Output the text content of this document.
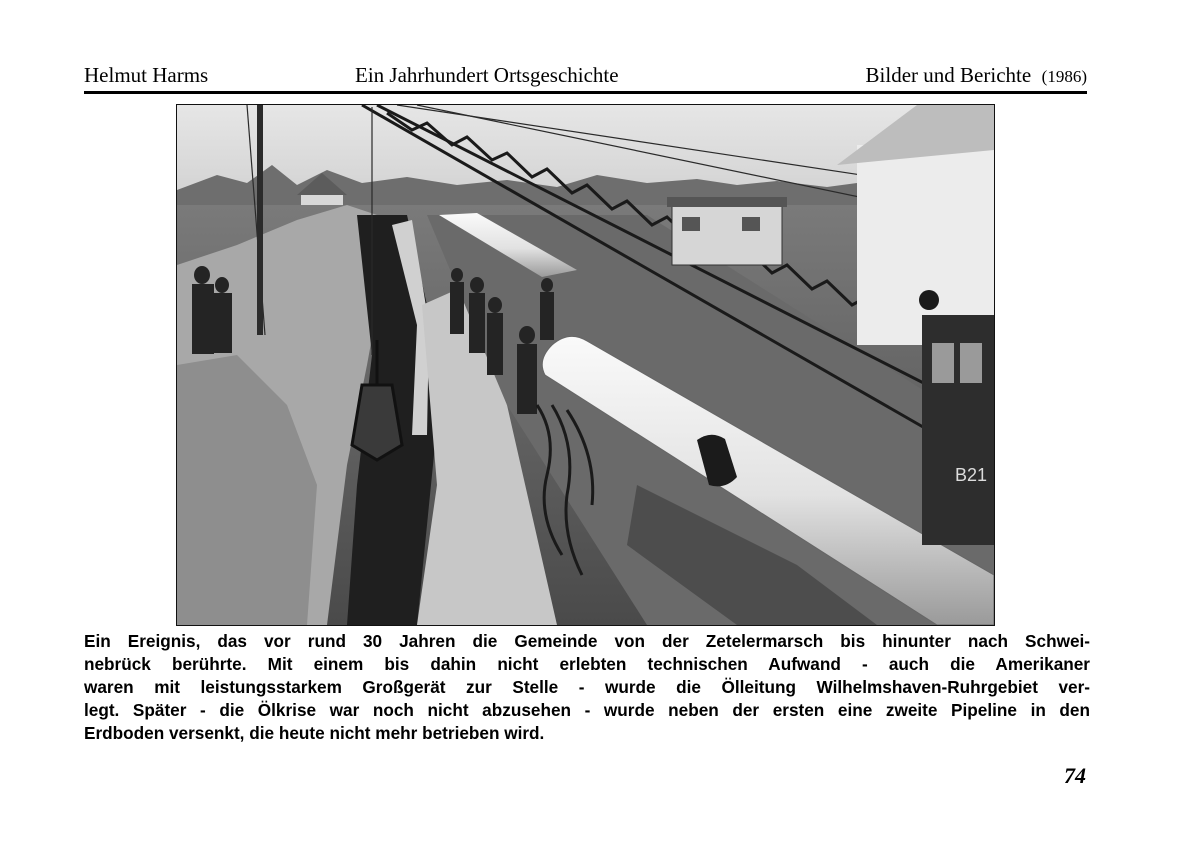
Helmut Harms	Ein Jahrhundert Ortsgeschichte	Bilder und Berichte (1986)
B21
Ein Ereignis, das vor rund 30 Jahren die Gemeinde von der Zetelermarsch bis hinunter nach Schwei-
nebrück berührte. Mit einem bis dahin nicht erlebten technischen Aufwand - auch die Amerikaner
waren mit leistungsstarkem Großgerät zur Stelle - wurde die Ölleitung Wilhelmshaven-Ruhrgebiet ver-
legt. Später - die Ölkrise war noch nicht abzusehen - wurde neben der ersten eine zweite Pipeline in den
Erdboden versenkt, die heute nicht mehr betrieben wird.
74
